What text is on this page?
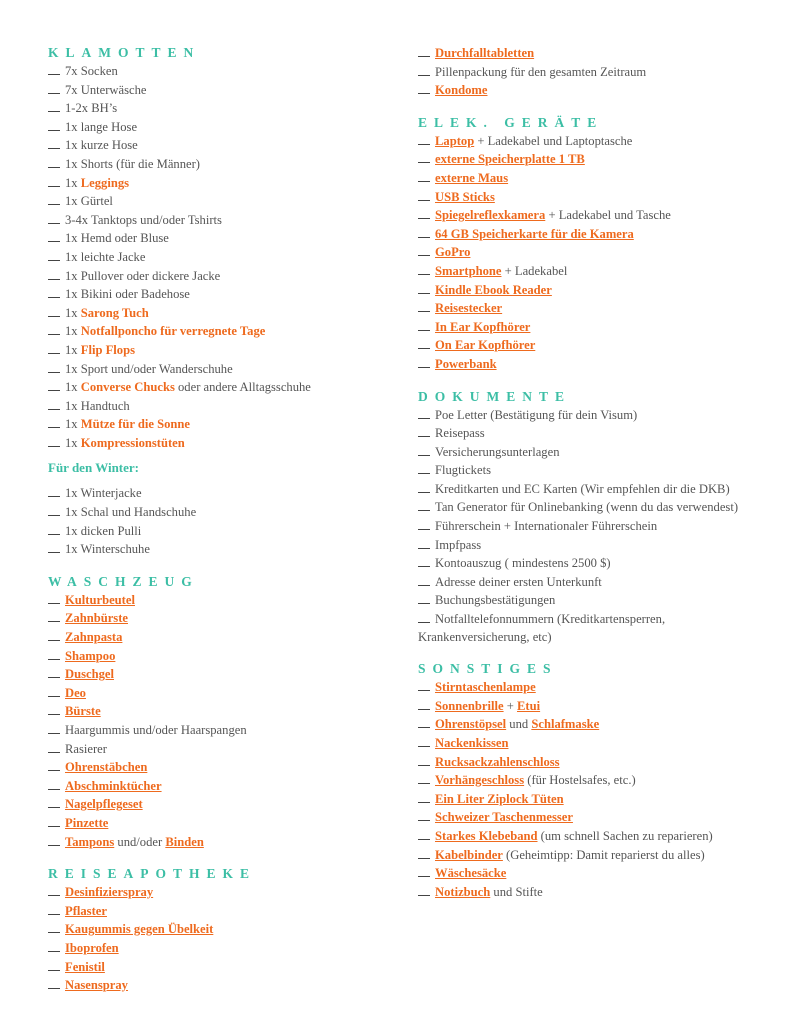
KLAMOTTEN
7x Socken
7x Unterwäsche
1-2x BH’s
1x lange Hose
1x kurze Hose
1x Shorts (für die Männer)
1x Leggings
1x Gürtel
3-4x Tanktops und/oder Tshirts
1x Hemd oder Bluse
1x leichte Jacke
1x Pullover oder dickere Jacke
1x Bikini oder Badehose
1x Sarong Tuch
1x Notfallponcho für verregnete Tage
1x Flip Flops
1x Sport und/oder Wanderschuhe
1x Converse Chucks oder andere Alltagsschuhe
1x Handtuch
1x Mütze für die Sonne
1x Kompressionstüten
Für den Winter:
1x Winterjacke
1x Schal und Handschuhe
1x dicken Pulli
1x Winterschuhe
WASCHZEUG
Kulturbeutel
Zahnbürste
Zahnpasta
Shampoo
Duschgel
Deo
Bürste
Haargummis und/oder Haarspangen
Rasierer
Ohrenstäbchen
Abschminktücher
Nagelpflegeset
Pinzette
Tampons und/oder Binden
REISEAPOTHEKE
Desinfizierspray
Pflaster
Kaugummis gegen Übelkeit
Iboprofen
Fenistil
Nasenspray
Durchfalltabletten
Pillenpackung für den gesamten Zeitraum
Kondome
ELEK. GERÄTE
Laptop + Ladekabel und Laptoptasche
externe Speicherplatte 1 TB
externe Maus
USB Sticks
Spiegelreflexkamera + Ladekabel und Tasche
64 GB Speicherkarte für die Kamera
GoPro
Smartphone + Ladekabel
Kindle Ebook Reader
Reisestecker
In Ear Kopfhörer
On Ear Kopfhörer
Powerbank
DOKUMENTE
Poe Letter (Bestätigung für dein Visum)
Reisepass
Versicherungsunterlagen
Flugtickets
Kreditkarten und EC Karten (Wir empfehlen dir die DKB)
Tan Generator für Onlinebanking (wenn du das verwendest)
Führerschein + Internationaler Führerschein
Impfpass
Kontoauszug ( mindestens 2500 $)
Adresse deiner ersten Unterkunft
Buchungsbestätigungen
Notfalltelefonnummern (Kreditkartensperren, Krankenversicherung, etc)
SONSTIGES
Stirntaschenlampe
Sonnenbrille + Etui
Ohrenstöpsel und Schlafmaske
Nackenkissen
Rucksackzahlenschloss
Vorhängeschloss (für Hostelsafes, etc.)
Ein Liter Ziplock Tüten
Schweizer Taschenmesser
Starkes Klebeband (um schnell Sachen zu reparieren)
Kabelbinder (Geheimtipp: Damit reparierst du alles)
Wäschesäcke
Notizbuch und Stifte
